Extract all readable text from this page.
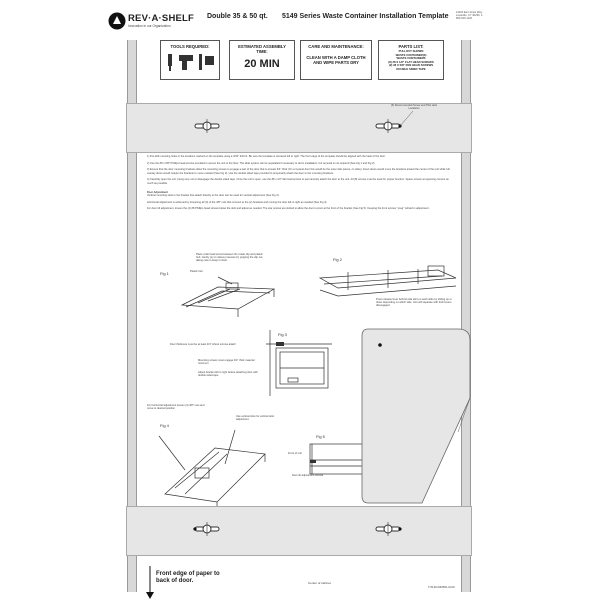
REV·A·SHELF
Innovation in our Organization
Double 35 & 50 qt. 5149 Series Waste Container Installation Template
12400 Earl Jones Way, Louisville, KY 40299, 1-800-626-1126
TOOLS REQUIRED:	ESTIMATED ASSEMBLY TIME:
20 MIN
CARE AND MAINTENANCE:
CLEAN WITH A DAMP CLOTH AND WIPE PARTS DRY
PARTS LIST:
PULLOUT SHOWN
WASTE CONTAINER(S)
WASTE CONTAINERS
(8) #8 X 1/2" FLAT HEAD SCREWS
(2) #8 X 5/8" PAN HEAD SCREWS
DOUBLE SIDED TAPE
(5) Recommended Screw and Pilot Hole Locations

1) Pre-drill mounting holes in the locations marked on the template using a 3/32" drill bit. Be sure the template is centered left to right. The front edge of the template should be aligned with the back of the door.

2) Use the #8 x 5/8" Phillips head screws provided to secure the unit to the floor. The slide system can be separated if necessary to aid in installation, but removal is not required (See Fig 1 and Fig 2).

3) Ensure that the door mounting brackets allow the mounting screws to engage a part of the door that is at least 3/4" thick (On a 3-panel door this would be the outer stile pieces, or stiles). Insert doors would move the brackets toward the center of the unit while full overlay doors would require the brackets to move outward (See Fig 3). Use the double sided tape provided to temporarily attach the door to the mounting brackets.

4) Carefully open the unit, being sure not to disengage the double sided tape. Once the unit is open, use the #8 x 1/2" flat head screws to permanently attach the door to the unit. All (8) screws must be used for proper function. Space screws at opposing corners as much as possible.

Door Adjustment

Vertical mounting slots in the bracket that attach directly to the door can be used for vertical adjustment (See Fig 4).

Horizontal adjustment is achieved by loosening all (4) of the 3/8" nuts that connect to the (2) brackets and moving the door left to right as needed (See Fig 4).

For door tilt adjustment, loosen the (4) #8 Phillips head screws below the skirt and adjust as needed. The star screws are slotted to allow the door to pivot at the front of the bracket (See Fig 5). Keeping the front screws "snug" will aid in adjustment.

Fig 1
Place a flat head screw between the rotate clip and plastic hub. Gently pry to relieve pressure by popping the clip out, taking care to keep it intact.
Plastic hub
Fig 2
Press release lever behind side skirt on each slide by sliding up or down depending on which side. Unit will separate with both levers disengaged.
Fig 3
Door thickness must be at least 3/4" where screws attach
Mounting screws must engage 3/4" thick material minimum
Adjust bracket left to right before attaching door with double sided tape
Fig 4
For horizontal adjustment loosen (4) 3/8" nuts and move to desired position
Use vertical slots for vertical door adjustment
Fig 5
Front of unit
Door tilt adjustment screws
Front edge of paper to back of door.	Center of cabinet
T-5149-DZ0501-0119
